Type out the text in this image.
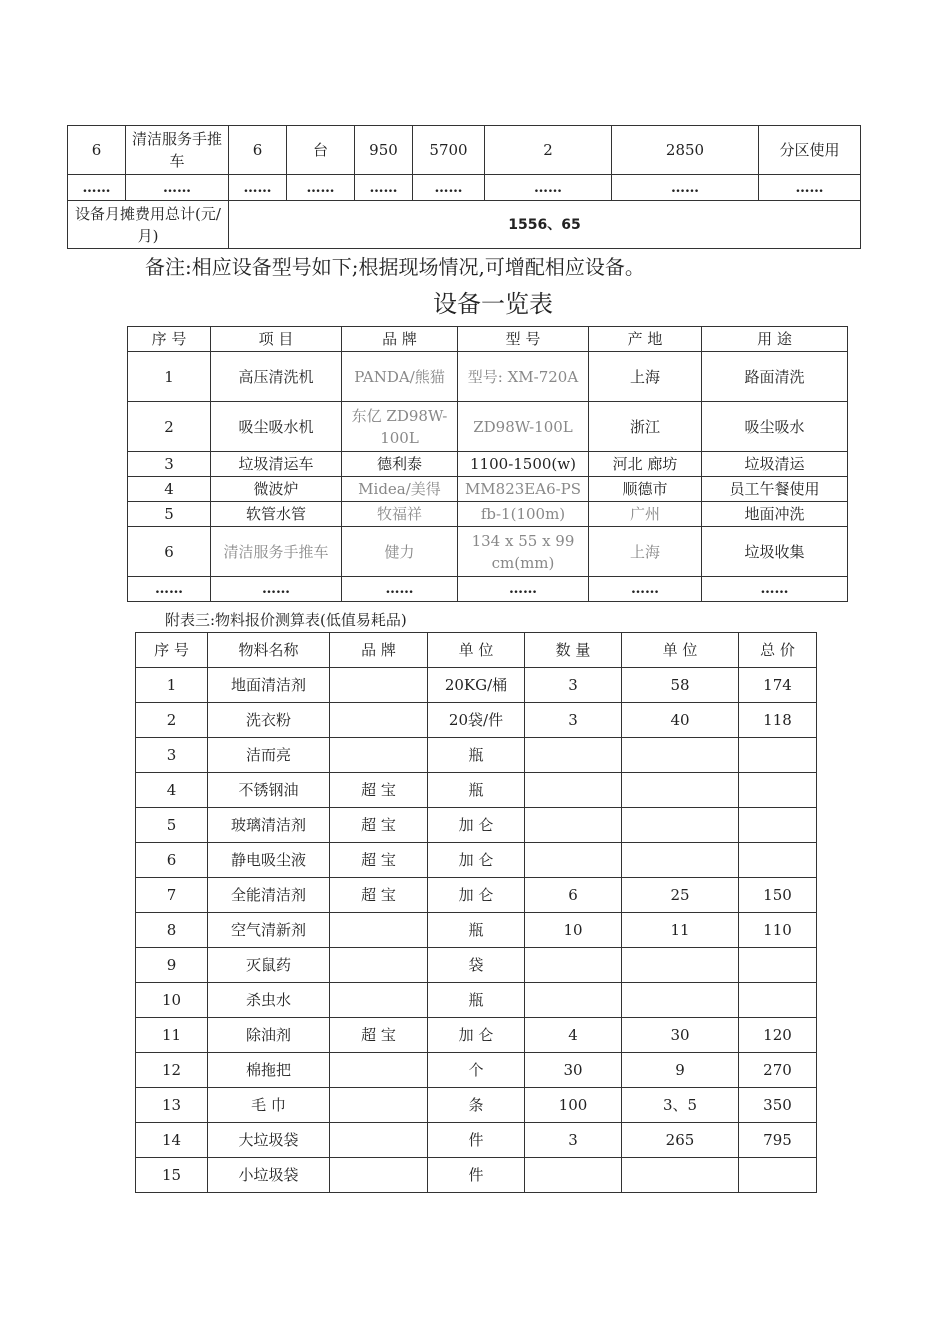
6	清洁服务手推车	6	台	950	5700	2	2850	分区使用
……	……	……	……	……	……	……	……	……
设备月摊费用总计(元/月)		1556、65						
备注:相应设备型号如下;根据现场情况,可增配相应设备。
设备一览表
序 号	项 目	品 牌	型 号	产 地	用 途
1	高压清洗机	PANDA/熊猫	型号: XM-720A	上海	路面清洗
2	吸尘吸水机	东亿 ZD98W-100L	ZD98W-100L	浙江	吸尘吸水
3	垃圾清运车	德利泰	1100-1500(w)	河北 廊坊	垃圾清运
4	微波炉	Midea/美得	MM823EA6-PS	顺德市	员工午餐使用
5	软管水管	牧福祥	fb-1(100m)	广州	地面冲洗
6	清洁服务手推车	健力	134 x 55 x 99 cm(mm)	上海	垃圾收集
……	……	……	……	……	……
附表三:物料报价测算表(低值易耗品)
序 号	物料名称	品 牌	单 位	数 量	单 位	总 价
1	地面清洁剂		20KG/桶	3	58	174
2	洗衣粉		20袋/件	3	40	118
3	洁而亮		瓶			
4	不锈钢油	超 宝	瓶			
5	玻璃清洁剂	超 宝	加 仑			
6	静电吸尘液	超 宝	加 仑			
7	全能清洁剂	超 宝	加 仑	6	25	150
8	空气清新剂		瓶	10	11	110
9	灭鼠药		袋			
10	杀虫水		瓶			
11	除油剂	超 宝	加 仑	4	30	120
12	棉拖把		个	30	9	270
13	毛 巾		条	100	3、5	350
14	大垃圾袋		件	3	265	795
15	小垃圾袋		件			
